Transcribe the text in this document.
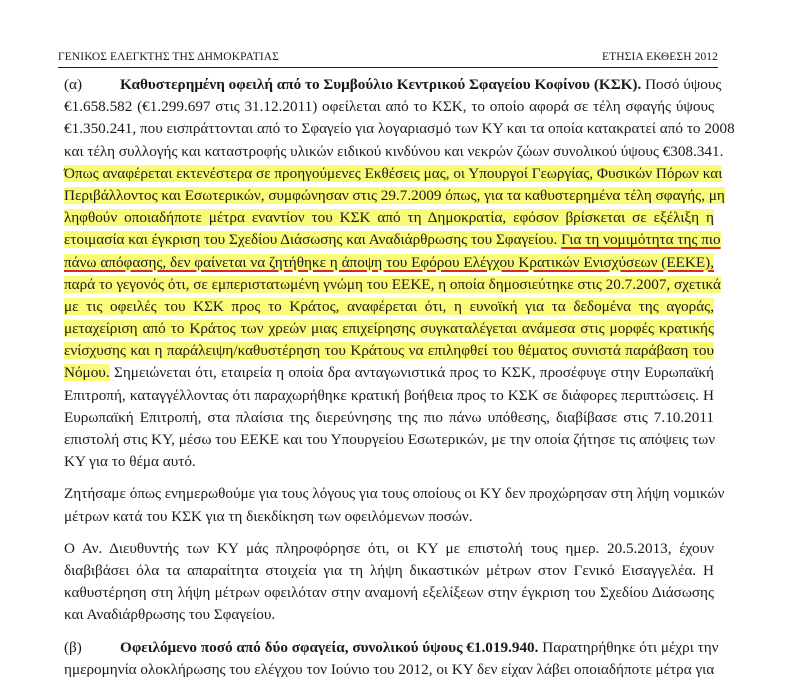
ΓΕΝΙΚΟΣ ΕΛΕΓΚΤΗΣ ΤΗΣ ΔΗΜΟΚΡΑΤΙΑΣ	ΕΤΗΣΙΑ ΕΚΘΕΣΗ 2012
(α) Καθυστερημένη οφειλή από το Συμβούλιο Κεντρικού Σφαγείου Κοφίνου (ΚΣΚ). Ποσό ύψους
€1.658.582 (€1.299.697 στις 31.12.2011) οφείλεται από το ΚΣΚ, το οποίο αφορά σε τέλη σφαγής ύψους
€1.350.241, που εισπράττονται από το Σφαγείο για λογαριασμό των ΚΥ και τα οποία κατακρατεί από το 2008
και τέλη συλλογής και καταστροφής υλικών ειδικού κινδύνου και νεκρών ζώων συνολικού ύψους €308.341.
Όπως αναφέρεται εκτενέστερα σε προηγούμενες Εκθέσεις μας, οι Υπουργοί Γεωργίας, Φυσικών Πόρων και
Περιβάλλοντος και Εσωτερικών, συμφώνησαν στις 29.7.2009 όπως, για τα καθυστερημένα τέλη σφαγής, μη
ληφθούν οποιαδήποτε μέτρα εναντίον του ΚΣΚ από τη Δημοκρατία, εφόσον βρίσκεται σε εξέλιξη η
ετοιμασία και έγκριση του Σχεδίου Διάσωσης και Αναδιάρθρωσης του Σφαγείου. Για τη νομιμότητα της πιο
πάνω απόφασης, δεν φαίνεται να ζητήθηκε η άποψη του Εφόρου Ελέγχου Κρατικών Ενισχύσεων (ΕΕΚΕ),
παρά το γεγονός ότι, σε εμπεριστατωμένη γνώμη του ΕΕΚΕ, η οποία δημοσιεύτηκε στις 20.7.2007, σχετικά
με τις οφειλές του ΚΣΚ προς το Κράτος, αναφέρεται ότι, η ευνοϊκή για τα δεδομένα της αγοράς,
μεταχείριση από το Κράτος των χρεών μιας επιχείρησης συγκαταλέγεται ανάμεσα στις μορφές κρατικής
ενίσχυσης και η παράλειψη/καθυστέρηση του Κράτους να επιληφθεί του θέματος συνιστά παράβαση του
Νόμου. Σημειώνεται ότι, εταιρεία η οποία δρα ανταγωνιστικά προς το ΚΣΚ, προσέφυγε στην Ευρωπαϊκή
Επιτροπή, καταγγέλλοντας ότι παραχωρήθηκε κρατική βοήθεια προς το ΚΣΚ σε διάφορες περιπτώσεις. Η
Ευρωπαϊκή Επιτροπή, στα πλαίσια της διερεύνησης της πιο πάνω υπόθεσης, διαβίβασε στις 7.10.2011
επιστολή στις ΚΥ, μέσω του ΕΕΚΕ και του Υπουργείου Εσωτερικών, με την οποία ζήτησε τις απόψεις των
ΚΥ για το θέμα αυτό.
Ζητήσαμε όπως ενημερωθούμε για τους λόγους για τους οποίους οι ΚΥ δεν προχώρησαν στη λήψη νομικών
μέτρων κατά του ΚΣΚ για τη διεκδίκηση των οφειλόμενων ποσών.
Ο Αν. Διευθυντής των ΚΥ μάς πληροφόρησε ότι, οι ΚΥ με επιστολή τους ημερ. 20.5.2013, έχουν
διαβιβάσει όλα τα απαραίτητα στοιχεία για τη λήψη δικαστικών μέτρων στον Γενικό Εισαγγελέα. Η
καθυστέρηση στη λήψη μέτρων οφειλόταν στην αναμονή εξελίξεων στην έγκριση του Σχεδίου Διάσωσης
και Αναδιάρθρωσης του Σφαγείου.
(β)	Οφειλόμενο ποσό από δύο σφαγεία, συνολικού ύψους €1.019.940. Παρατηρήθηκε ότι μέχρι την
ημερομηνία ολοκλήρωσης του ελέγχου τον Ιούνιο του 2012, οι ΚΥ δεν είχαν λάβει οποιαδήποτε μέτρα για
